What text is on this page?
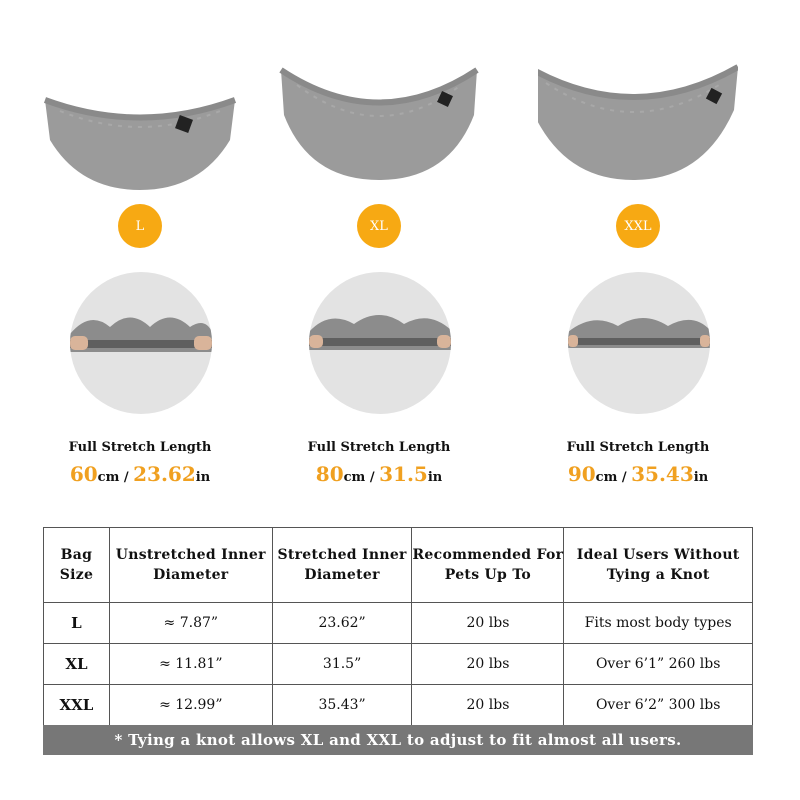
L
Full Stretch Length
60cm / 23.62in
XL
Full Stretch Length
80cm / 31.5in
XXL
Full Stretch Length
90cm / 35.43in
Bag Size	Unstretched Inner Diameter	Stretched Inner Diameter	Recommended For Pets Up To	Ideal Users Without Tying a Knot
L	≈ 7.87”	23.62”	20 lbs	Fits most body types
XL	≈ 11.81”	31.5”	20 lbs	Over 6’1” 260 lbs
XXL	≈ 12.99”	35.43”	20 lbs	Over 6’2” 300 lbs
* Tying a knot allows XL and XXL to adjust to fit almost all users.
